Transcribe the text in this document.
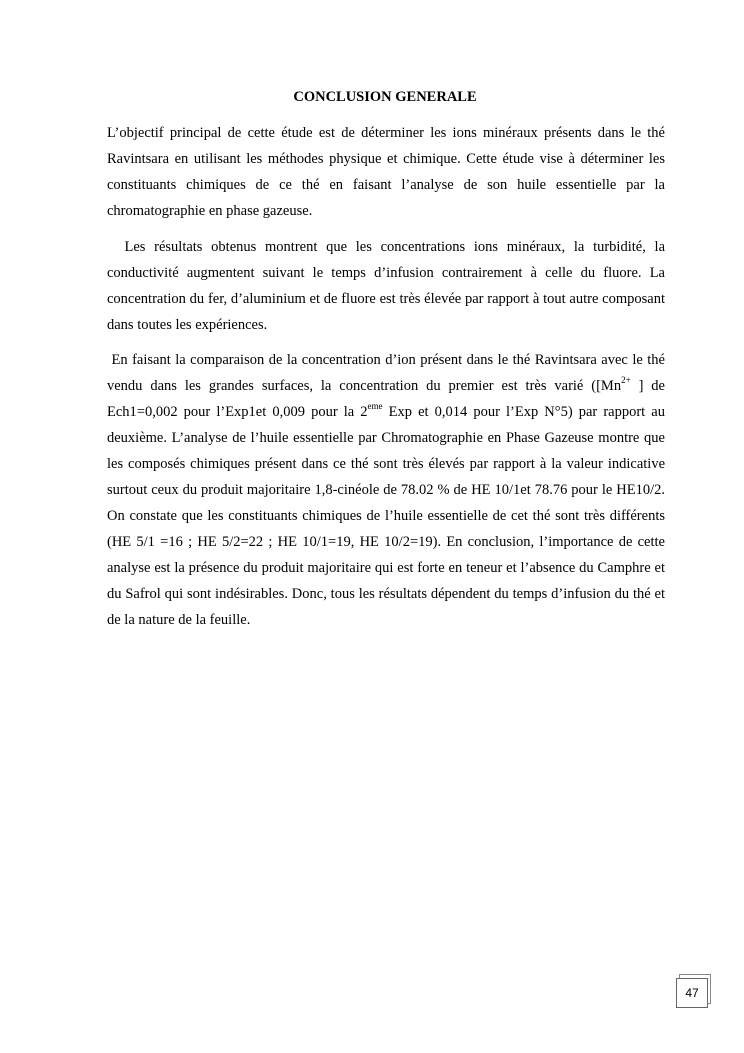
CONCLUSION GENERALE

L’objectif principal de cette étude est de déterminer les ions minéraux présents dans le thé Ravintsara en utilisant les méthodes physique et chimique. Cette étude vise à déterminer les constituants chimiques de ce thé en faisant l’analyse de son huile essentielle par la chromatographie en phase gazeuse.

Les résultats obtenus montrent que les concentrations ions minéraux, la turbidité, la conductivité augmentent suivant le temps d’infusion contrairement à celle du fluore. La concentration du fer, d’aluminium et de fluore est très élevée par rapport à tout autre composant dans toutes les expériences.

En faisant la comparaison de la concentration d’ion présent dans le thé Ravintsara avec le thé vendu dans les grandes surfaces, la concentration du premier est très varié ([$Mn^{2+}$ ] de Ech1=0,002 pour l’Exp1et 0,009 pour la 2eme Exp et 0,014 pour l’Exp N°5) par rapport au deuxième. L’analyse de l’huile essentielle par Chromatographie en Phase Gazeuse montre que les composés chimiques présent dans ce thé sont très élevés par rapport à la valeur indicative surtout ceux du produit majoritaire 1,8-cinéole de 78.02 % de HE 10/1et 78.76 pour le HE10/2. On constate que les constituants chimiques de l’huile essentielle de cet thé sont très différents (HE 5/1 =16 ; HE 5/2=22 ; HE 10/1=19, HE 10/2=19). En conclusion, l’importance de cette analyse est la présence du produit majoritaire qui est forte en teneur et l’absence du Camphre et du Safrol qui sont indésirables. Donc, tous les résultats dépendent du temps d’infusion du thé et de la nature de la feuille.

47
